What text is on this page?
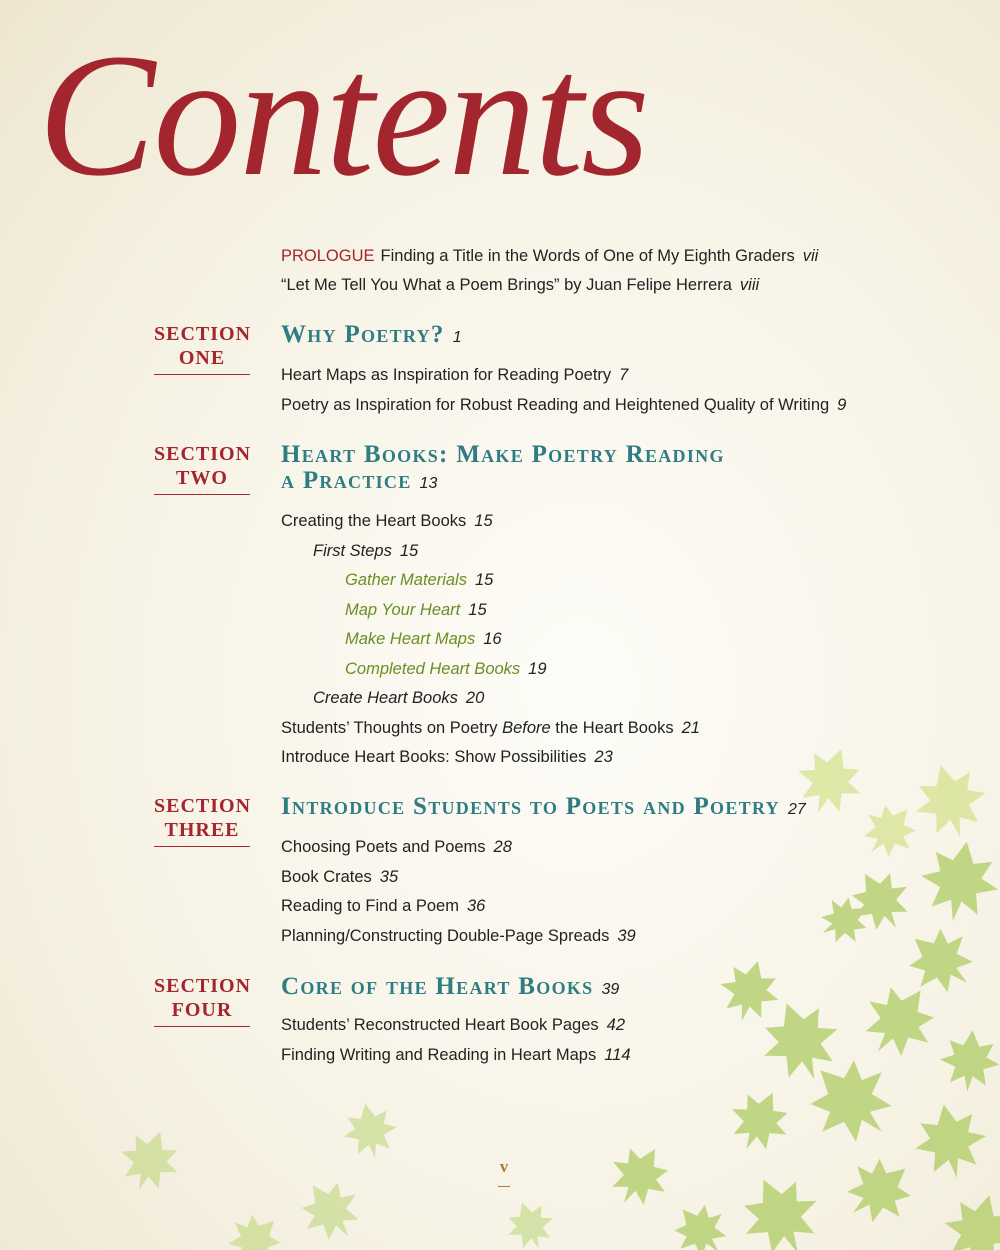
Contents
PROLOGUE Finding a Title in the Words of One of My Eighth Graders vii
“Let Me Tell You What a Poem Brings” by Juan Felipe Herrera viii
SECTION
ONE
Why Poetry? 1
Heart Maps as Inspiration for Reading Poetry 7
Poetry as Inspiration for Robust Reading and Heightened Quality of Writing 9
SECTION
TWO
Heart Books: Make Poetry Reading
a Practice 13
Creating the Heart Books 15
First Steps 15
Gather Materials 15
Map Your Heart 15
Make Heart Maps 16
Completed Heart Books 19
Create Heart Books 20
Students’ Thoughts on Poetry Before the Heart Books 21
Introduce Heart Books: Show Possibilities 23
SECTION
THREE
Introduce Students to Poets and Poetry 27
Choosing Poets and Poems 28
Book Crates 35
Reading to Find a Poem 36
Planning/Constructing Double-Page Spreads 39
SECTION
FOUR
Core of the Heart Books 39
Students’ Reconstructed Heart Book Pages 42
Finding Writing and Reading in Heart Maps 114
v
